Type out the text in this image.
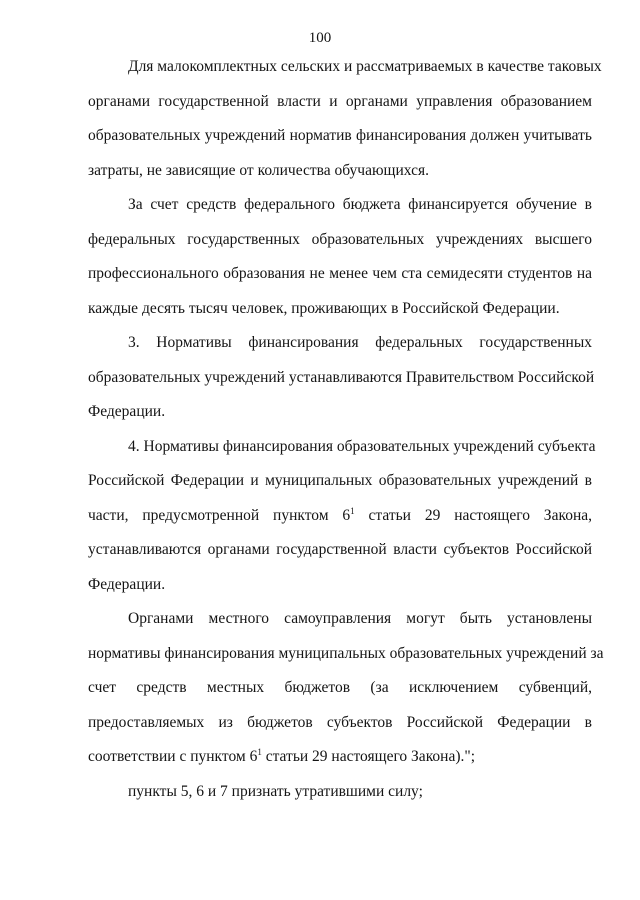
100
Для малокомплектных сельских и рассматриваемых в качестве таковых
органами государственной власти и органами управления образованием
образовательных учреждений норматив финансирования должен учитывать
затраты, не зависящие от количества обучающихся.
За счет средств федерального бюджета финансируется обучение в
федеральных государственных образовательных учреждениях высшего
профессионального образования не менее чем ста семидесяти студентов на
каждые десять тысяч человек, проживающих в Российской Федерации.
3. Нормативы финансирования федеральных государственных
образовательных учреждений устанавливаются Правительством Российской
Федерации.
4. Нормативы финансирования образовательных учреждений субъекта
Российской Федерации и муниципальных образовательных учреждений в
части, предусмотренной пунктом $6^1$ статьи 29 настоящего Закона,
устанавливаются органами государственной власти субъектов Российской
Федерации.
Органами местного самоуправления могут быть установлены
нормативы финансирования муниципальных образовательных учреждений за
счет средств местных бюджетов (за исключением субвенций,
предоставляемых из бюджетов субъектов Российской Федерации в
соответствии с пунктом $6^1$ статьи 29 настоящего Закона).";
пункты 5, 6 и 7 признать утратившими силу;
